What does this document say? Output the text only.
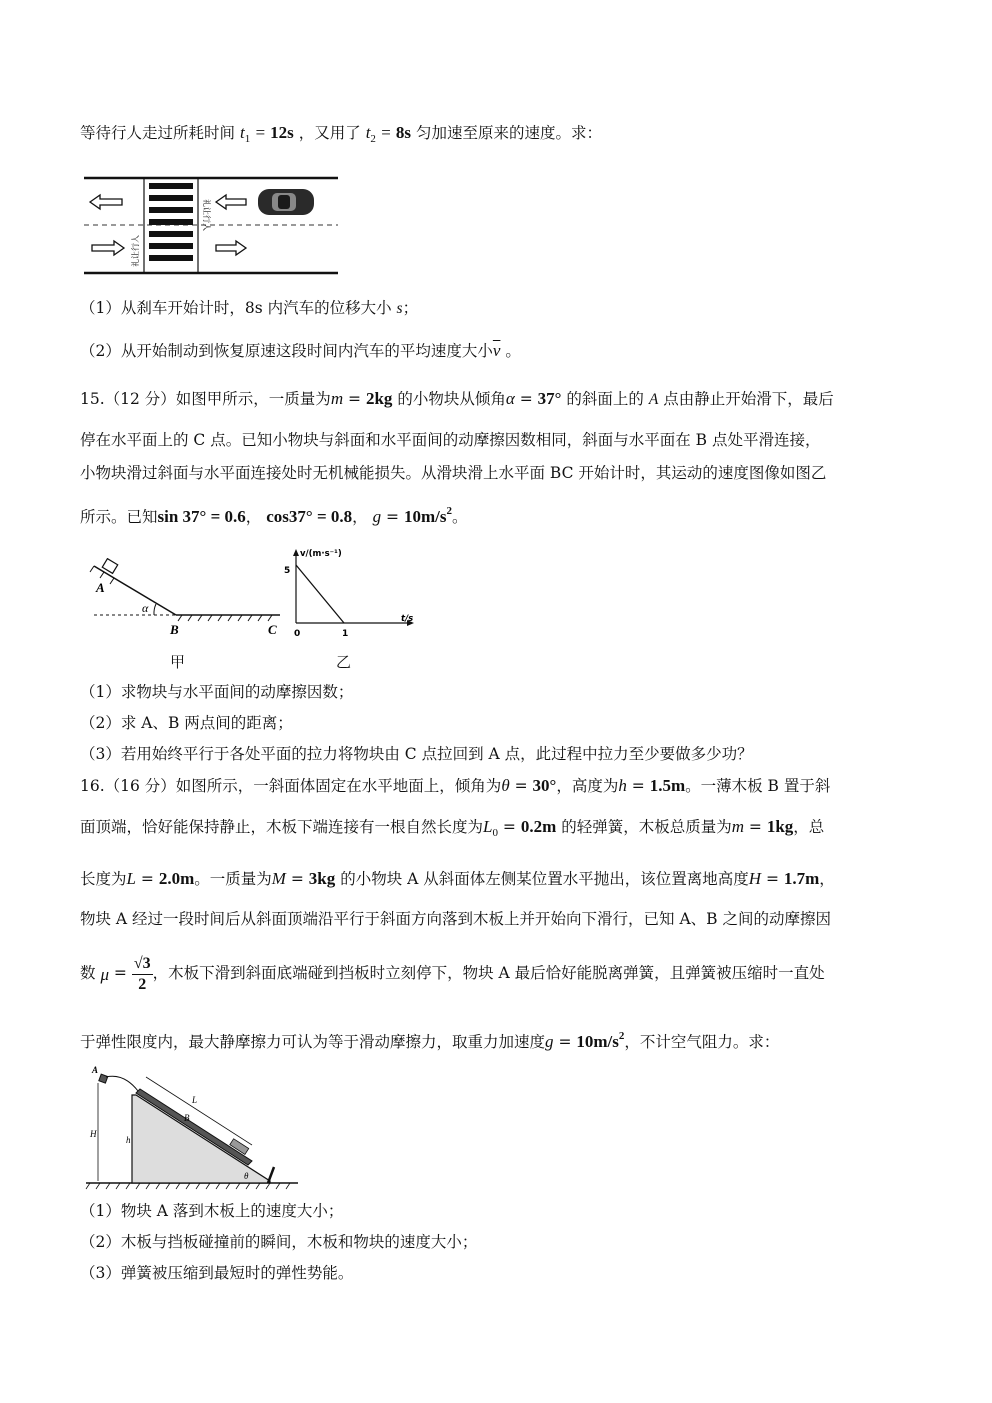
等待行人走过所耗时间 $t_1 = 12s$ ，又用了 $t_2 = 8s$ 匀加速至原来的速度。求：
礼让行人
礼让行人
（1）从刹车开始计时，8s 内汽车的位移大小 s；
（2）从开始制动到恢复原速这段时间内汽车的平均速度大小$\overline{v}$ 。
15.（12 分）如图甲所示，一质量为m = 2kg 的小物块从倾角α = 37° 的斜面上的 A 点由静止开始滑下，最后
停在水平面上的 C 点。已知小物块与斜面和水平面间的动摩擦因数相同，斜面与水平面在 B 点处平滑连接，
小物块滑过斜面与水平面连接处时无机械能损失。从滑块滑上水平面 BC 开始计时，其运动的速度图像如图乙
所示。已知sin 37° = 0.6， cos37° = 0.8， $g = 10m/s^2$。
A
α
B	C
甲
v/(m·s⁻¹)
t/s
5
0	1
乙
（1）求物块与水平面间的动摩擦因数；
（2）求 A、B 两点间的距离；
（3）若用始终平行于各处平面的拉力将物块由 C 点拉回到 A 点，此过程中拉力至少要做多少功？
16.（16 分）如图所示，一斜面体固定在水平地面上，倾角为θ = 30°，高度为h = 1.5m。一薄木板 B 置于斜
面顶端，恰好能保持静止，木板下端连接有一根自然长度为$L_0 = 0.2m$ 的轻弹簧，木板总质量为m = 1kg，总
长度为L = 2.0m。一质量为M = 3kg 的小物块 A 从斜面体左侧某位置水平抛出，该位置离地高度H = 1.7m，
物块 A 经过一段时间后从斜面顶端沿平行于斜面方向落到木板上并开始向下滑行，已知 A、B 之间的动摩擦因
数
$\mu = \frac{√3}{2}$ ，木板下滑到斜面底端碰到挡板时立刻停下，物块 A 最后恰好能脱离弹簧，且弹簧被压缩时一直处
于弹性限度内，最大静摩擦力可认为等于滑动摩擦力，取重力加速度$g = 10m/s^2$，不计空气阻力。求：
A
H
h
L
B
θ
（1）物块 A 落到木板上的速度大小；
（2）木板与挡板碰撞前的瞬间，木板和物块的速度大小；
（3）弹簧被压缩到最短时的弹性势能。
